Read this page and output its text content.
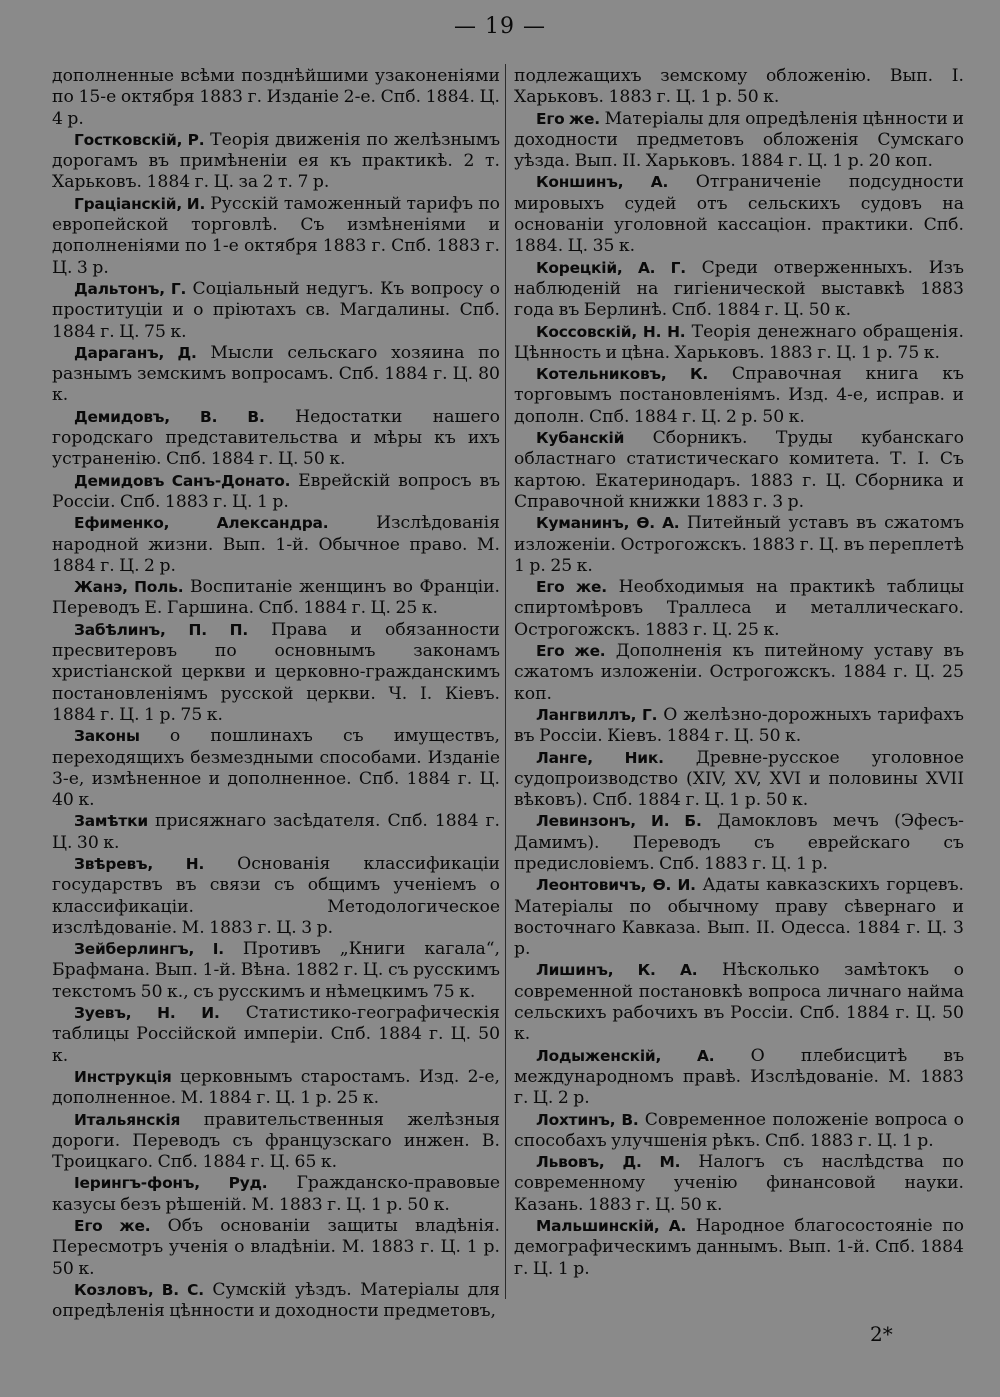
— 19 —

дополненные всѣми позднѣйшими узаконеніями по 15-е октября 1883 г. Изданіе 2-е. Спб. 1884. Ц. 4 р.

Гостковскій, Р. Теорія движенія по желѣзнымъ дорогамъ въ примѣненіи ея къ практикѣ. 2 т. Харьковъ. 1884 г. Ц. за 2 т. 7 р.

Грацiанскій, И. Русскій таможенный тарифъ по европейской торговлѣ. Съ измѣненіями и дополненіями по 1-е октября 1883 г. Спб. 1883 г. Ц. 3 р.

Дальтонъ, Г. Соціальный недугъ. Къ вопросу о проституціи и о пріютахъ св. Магдалины. Спб. 1884 г. Ц. 75 к.

Дараганъ, Д. Мысли сельскаго хозяина по разнымъ земскимъ вопросамъ. Спб. 1884 г. Ц. 80 к.

Демидовъ, В. В. Недостатки нашего городскаго представительства и мѣры къ ихъ устраненію. Спб. 1884 г. Ц. 50 к.

Демидовъ Санъ-Донато. Еврейскій вопросъ въ Россіи. Спб. 1883 г. Ц. 1 р.

Ефименко, Александра.	Изслѣдованія народной жизни. Вып. 1-й. Обычное право. М. 1884 г. Ц. 2 р.

Жанэ, Поль. Воспитаніе женщинъ во Франціи. Переводъ Е. Гаршина. Спб. 1884 г. Ц. 25 к.

Забѣлинъ, П. П. Права и обязанности пресвитеровъ по основнымъ законамъ христіанской церкви и церковно-гражданскимъ постановленіямъ русской церкви. Ч. І. Кіевъ. 1884 г. Ц. 1 р. 75 к.

Законы о пошлинахъ съ имуществъ, переходящихъ безмездными способами. Изданіе 3-е, измѣненное и дополненное. Спб. 1884 г. Ц. 40 к.

Замѣтки присяжнаго засѣдателя. Спб. 1884 г. Ц. 30 к.

Звѣревъ, Н. Основанія классификаціи государствъ въ связи съ общимъ ученіемъ о классификаціи. Методологическое изслѣдованіе. М. 1883 г. Ц. 3 р.

Зейберлингъ, І. Противъ „Книги кагала“, Брафмана. Вып. 1-й. Вѣна. 1882 г. Ц. съ русскимъ текстомъ 50 к., съ русскимъ и нѣмецкимъ 75 к.

Зуевъ, Н. И. Статистико-географическія таблицы Россійской имперіи. Спб. 1884 г. Ц. 50 к.

Инструкція церковнымъ старостамъ. Изд. 2-е, дополненное. М. 1884 г. Ц. 1 р. 25 к.

Итальянскія правительственныя желѣзныя дороги. Переводъ съ французскаго инжен. В. Троицкаго. Спб. 1884 г. Ц. 65 к.

Іерингъ-фонъ, Руд. Гражданско-правовые казусы безъ рѣшеній. М. 1883 г. Ц. 1 р. 50 к.

Его же. Объ основаніи защиты владѣнія. Пересмотръ ученія о владѣніи. М. 1883 г. Ц. 1 р. 50 к.

Козловъ, В. С. Сумскій уѣздъ. Матеріалы для опредѣленія цѣнности и доходности предметовъ,

подлежащихъ земскому обложенію. Вып. І. Харьковъ. 1883 г. Ц. 1 р. 50 к.

Его же. Матеріалы для опредѣленія цѣнности и доходности предметовъ обложенія Сумскаго уѣзда. Вып. II. Харьковъ. 1884 г. Ц. 1 р. 20 коп.

Коншинъ, А. Отграниченіе подсудности мировыхъ судей отъ сельскихъ судовъ на основаніи уголовной кассаціон. практики. Спб. 1884. Ц. 35 к.

Корецкій, А. Г. Среди отверженныхъ. Изъ наблюденій на гигіенической выставкѣ 1883 года въ Берлинѣ. Спб. 1884 г. Ц. 50 к.

Коссовскій, Н. Н. Теорія денежнаго обращенія. Цѣнность и цѣна. Харьковъ. 1883 г. Ц. 1 р. 75 к.

Котельниковъ, К. Справочная книга къ торговымъ постановленіямъ. Изд. 4-е, исправ. и дополн. Спб. 1884 г. Ц. 2 р. 50 к.

Кубанскій Сборникъ. Труды кубанскаго областнаго статистическаго комитета. Т. І. Съ картою. Екатеринодаръ. 1883 г. Ц. Сборника и Справочной книжки 1883 г. 3 р.

Куманинъ, Ѳ. А. Питейный уставъ въ сжатомъ изложеніи. Острогожскъ. 1883 г. Ц. въ переплетѣ 1 р. 25 к.

Его же. Необходимыя на практикѣ таблицы спиртомѣровъ Траллеса и металлическаго. Острогожскъ. 1883 г. Ц. 25 к.

Его же. Дополненія къ питейному уставу въ сжатомъ изложеніи. Острогожскъ. 1884 г. Ц. 25 коп.

Лангвиллъ, Г. О желѣзно-дорожныхъ тарифахъ въ Россіи. Кіевъ. 1884 г. Ц. 50 к.

Ланге, Ник. Древне-русское уголовное судопроизводство (XIV, XV, XVI и половины XVII вѣковъ). Спб. 1884 г. Ц. 1 р. 50 к.

Левинзонъ, И. Б. Дамокловъ мечъ (Эфесъ-Дамимъ). Переводъ съ еврейскаго съ предисловіемъ. Спб. 1883 г. Ц. 1 р.

Леонтовичъ, Ѳ. И. Адаты кавказскихъ горцевъ. Матеріалы по обычному праву сѣвернаго и восточнаго Кавказа. Вып. II. Одесса. 1884 г. Ц. 3 р.

Лишинъ, К. А. Нѣсколько замѣтокъ о современной постановкѣ вопроса личнаго найма сельскихъ рабочихъ въ Россіи. Спб. 1884 г. Ц. 50 к.

Лодыженскій, А. О плебисцитѣ въ международномъ правѣ. Изслѣдованіе. М. 1883 г. Ц. 2 р.

Лохтинъ, В. Современное положеніе вопроса о способахъ улучшенія рѣкъ. Спб. 1883 г. Ц. 1 р.

Львовъ, Д. М. Налогъ съ наслѣдства по современному ученію финансовой науки. Казань. 1883 г. Ц. 50 к.

Мальшинскій, А. Народное благосостояніе по демографическимъ даннымъ. Вып. 1-й. Спб. 1884 г. Ц. 1 р.

2*
